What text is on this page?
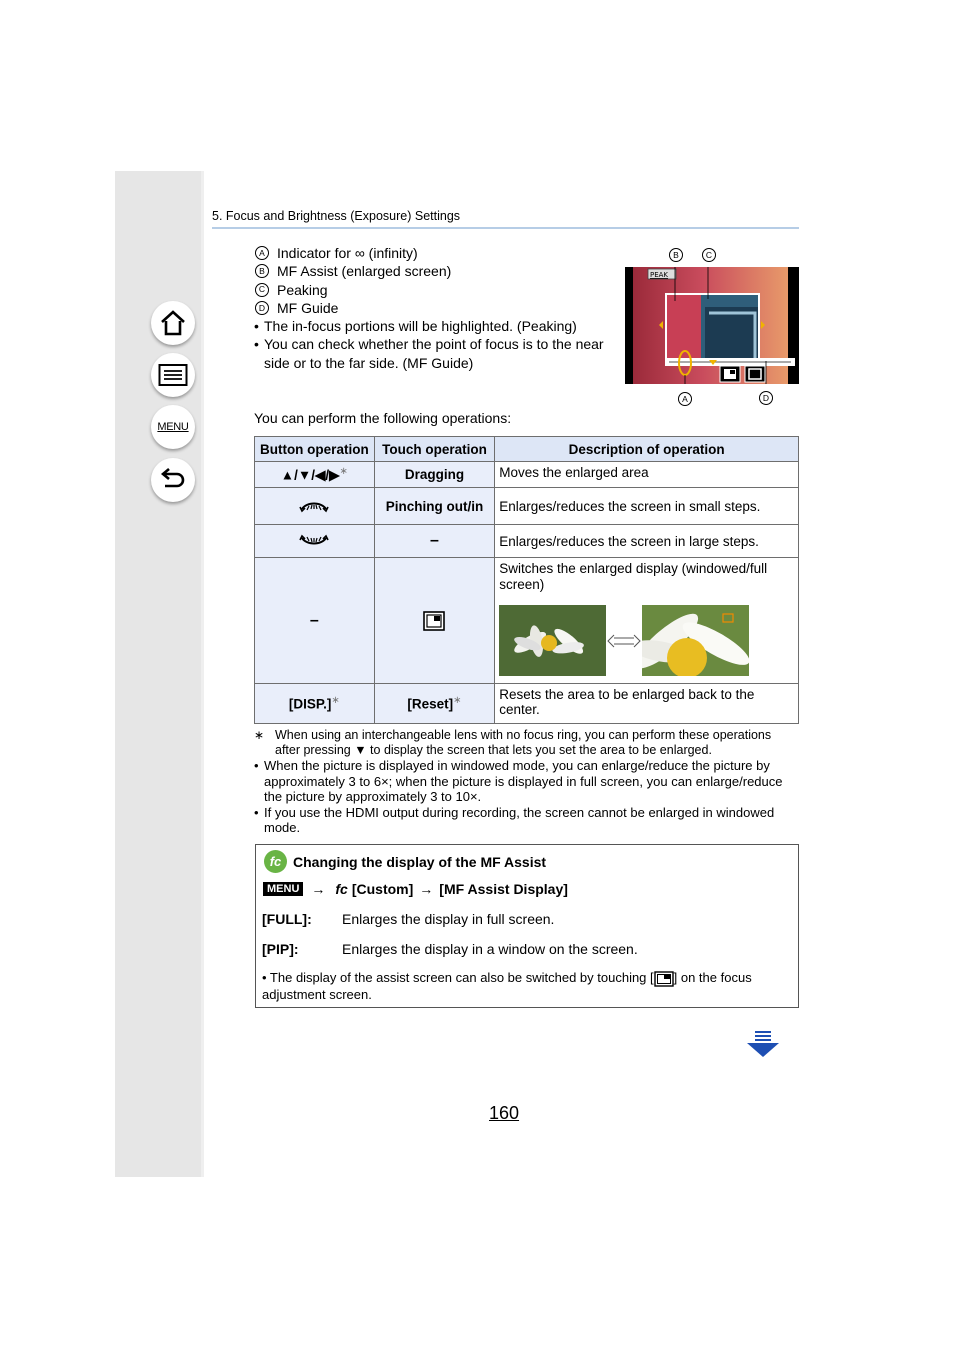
MENU
5. Focus and Brightness (Exposure) Settings
A Indicator for ∞ (infinity)
B MF Assist (enlarged screen)
C Peaking
D MF Guide
• The in-focus portions will be highlighted. (Peaking)
• You can check whether the point of focus is to the near side or to the far side. (MF Guide)
PEAK
B	C
A	D
You can perform the following operations:
Button operation	Touch operation	Description of operation
▲/▼/◀/▶∗	Dragging	Moves the enlarged area
	Pinching out/in	Enlarges/reduces the screen in small steps.
	–	Enlarges/reduces the screen in large steps.
–		Switches the enlarged display (windowed/full screen)

[DISP.]∗	[Reset]∗	Resets the area to be enlarged back to the center.
∗ When using an interchangeable lens with no focus ring, you can perform these operations after pressing ▼ to display the screen that lets you set the area to be enlarged.
• When the picture is displayed in windowed mode, you can enlarge/reduce the picture by approximately 3 to 6×; when the picture is displayed in full screen, you can enlarge/reduce the picture by approximately 3 to 10×.
• If you use the HDMI output during recording, the screen cannot be enlarged in windowed mode.
fc Changing the display of the MF Assist
MENU → fc [Custom] → [MF Assist Display]
[FULL]:	Enlarges the display in full screen.
[PIP]:	Enlarges the display in a window on the screen.
• The display of the assist screen can also be switched by touching [ ] on the focus adjustment screen.
160
